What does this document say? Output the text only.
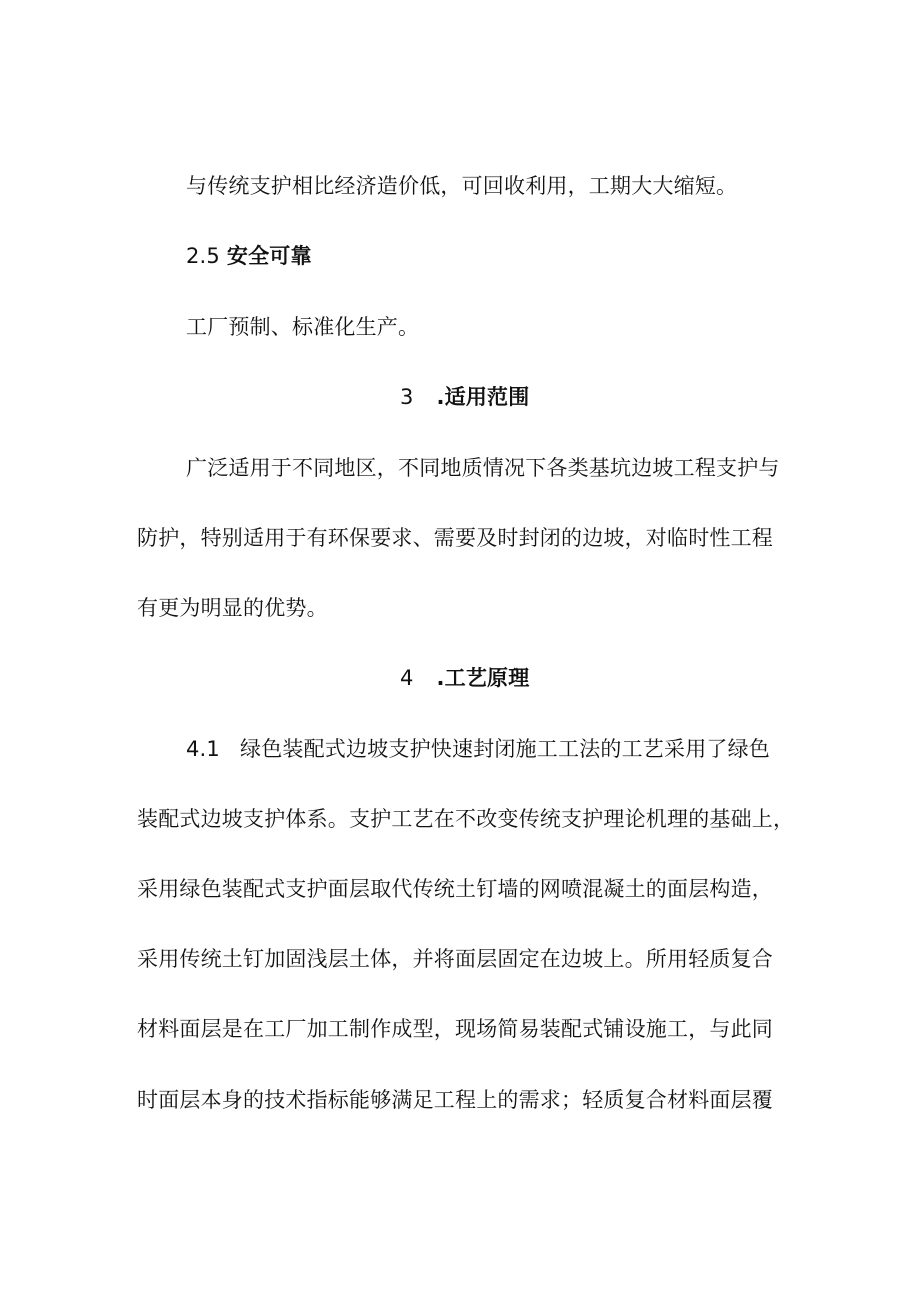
与传统支护相比经济造价低，可回收利用，工期大大缩短。
2.5 安全可靠
工厂预制、标准化生产。
3 .适用范围
广泛适用于不同地区，不同地质情况下各类基坑边坡工程支护与
防护，特别适用于有环保要求、需要及时封闭的边坡，对临时性工程
有更为明显的优势。
4 .工艺原理
4.1 绿色装配式边坡支护快速封闭施工工法的工艺采用了绿色
装配式边坡支护体系。支护工艺在不改变传统支护理论机理的基础上，
采用绿色装配式支护面层取代传统土钉墙的网喷混凝土的面层构造，
采用传统土钉加固浅层土体，并将面层固定在边坡上。所用轻质复合
材料面层是在工厂加工制作成型，现场简易装配式铺设施工，与此同
时面层本身的技术指标能够满足工程上的需求；轻质复合材料面层覆
